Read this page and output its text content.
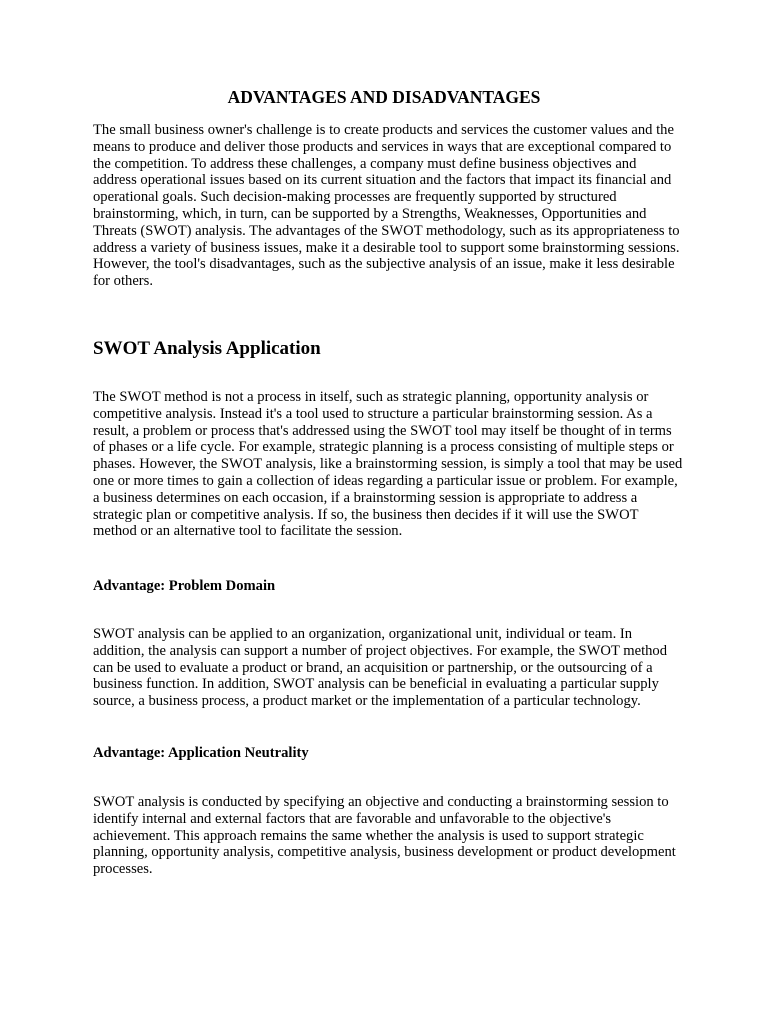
ADVANTAGES AND DISADVANTAGES

The small business owner's challenge is to create products and services the customer values and the means to produce and deliver those products and services in ways that are exceptional compared to the competition. To address these challenges, a company must define business objectives and address operational issues based on its current situation and the factors that impact its financial and operational goals. Such decision-making processes are frequently supported by structured brainstorming, which, in turn, can be supported by a Strengths, Weaknesses, Opportunities and Threats (SWOT) analysis. The advantages of the SWOT methodology, such as its appropriateness to address a variety of business issues, make it a desirable tool to support some brainstorming sessions. However, the tool's disadvantages, such as the subjective analysis of an issue, make it less desirable for others.

SWOT Analysis Application

The SWOT method is not a process in itself, such as strategic planning, opportunity analysis or competitive analysis. Instead it's a tool used to structure a particular brainstorming session. As a result, a problem or process that's addressed using the SWOT tool may itself be thought of in terms of phases or a life cycle. For example, strategic planning is a process consisting of multiple steps or phases. However, the SWOT analysis, like a brainstorming session, is simply a tool that may be used one or more times to gain a collection of ideas regarding a particular issue or problem. For example, a business determines on each occasion, if a brainstorming session is appropriate to address a strategic plan or competitive analysis. If so, the business then decides if it will use the SWOT method or an alternative tool to facilitate the session.

Advantage: Problem Domain

SWOT analysis can be applied to an organization, organizational unit, individual or team. In addition, the analysis can support a number of project objectives. For example, the SWOT method can be used to evaluate a product or brand, an acquisition or partnership, or the outsourcing of a business function. In addition, SWOT analysis can be beneficial in evaluating a particular supply source, a business process, a product market or the implementation of a particular technology.

Advantage: Application Neutrality

SWOT analysis is conducted by specifying an objective and conducting a brainstorming session to identify internal and external factors that are favorable and unfavorable to the objective's achievement. This approach remains the same whether the analysis is used to support strategic planning, opportunity analysis, competitive analysis, business development or product development processes.
